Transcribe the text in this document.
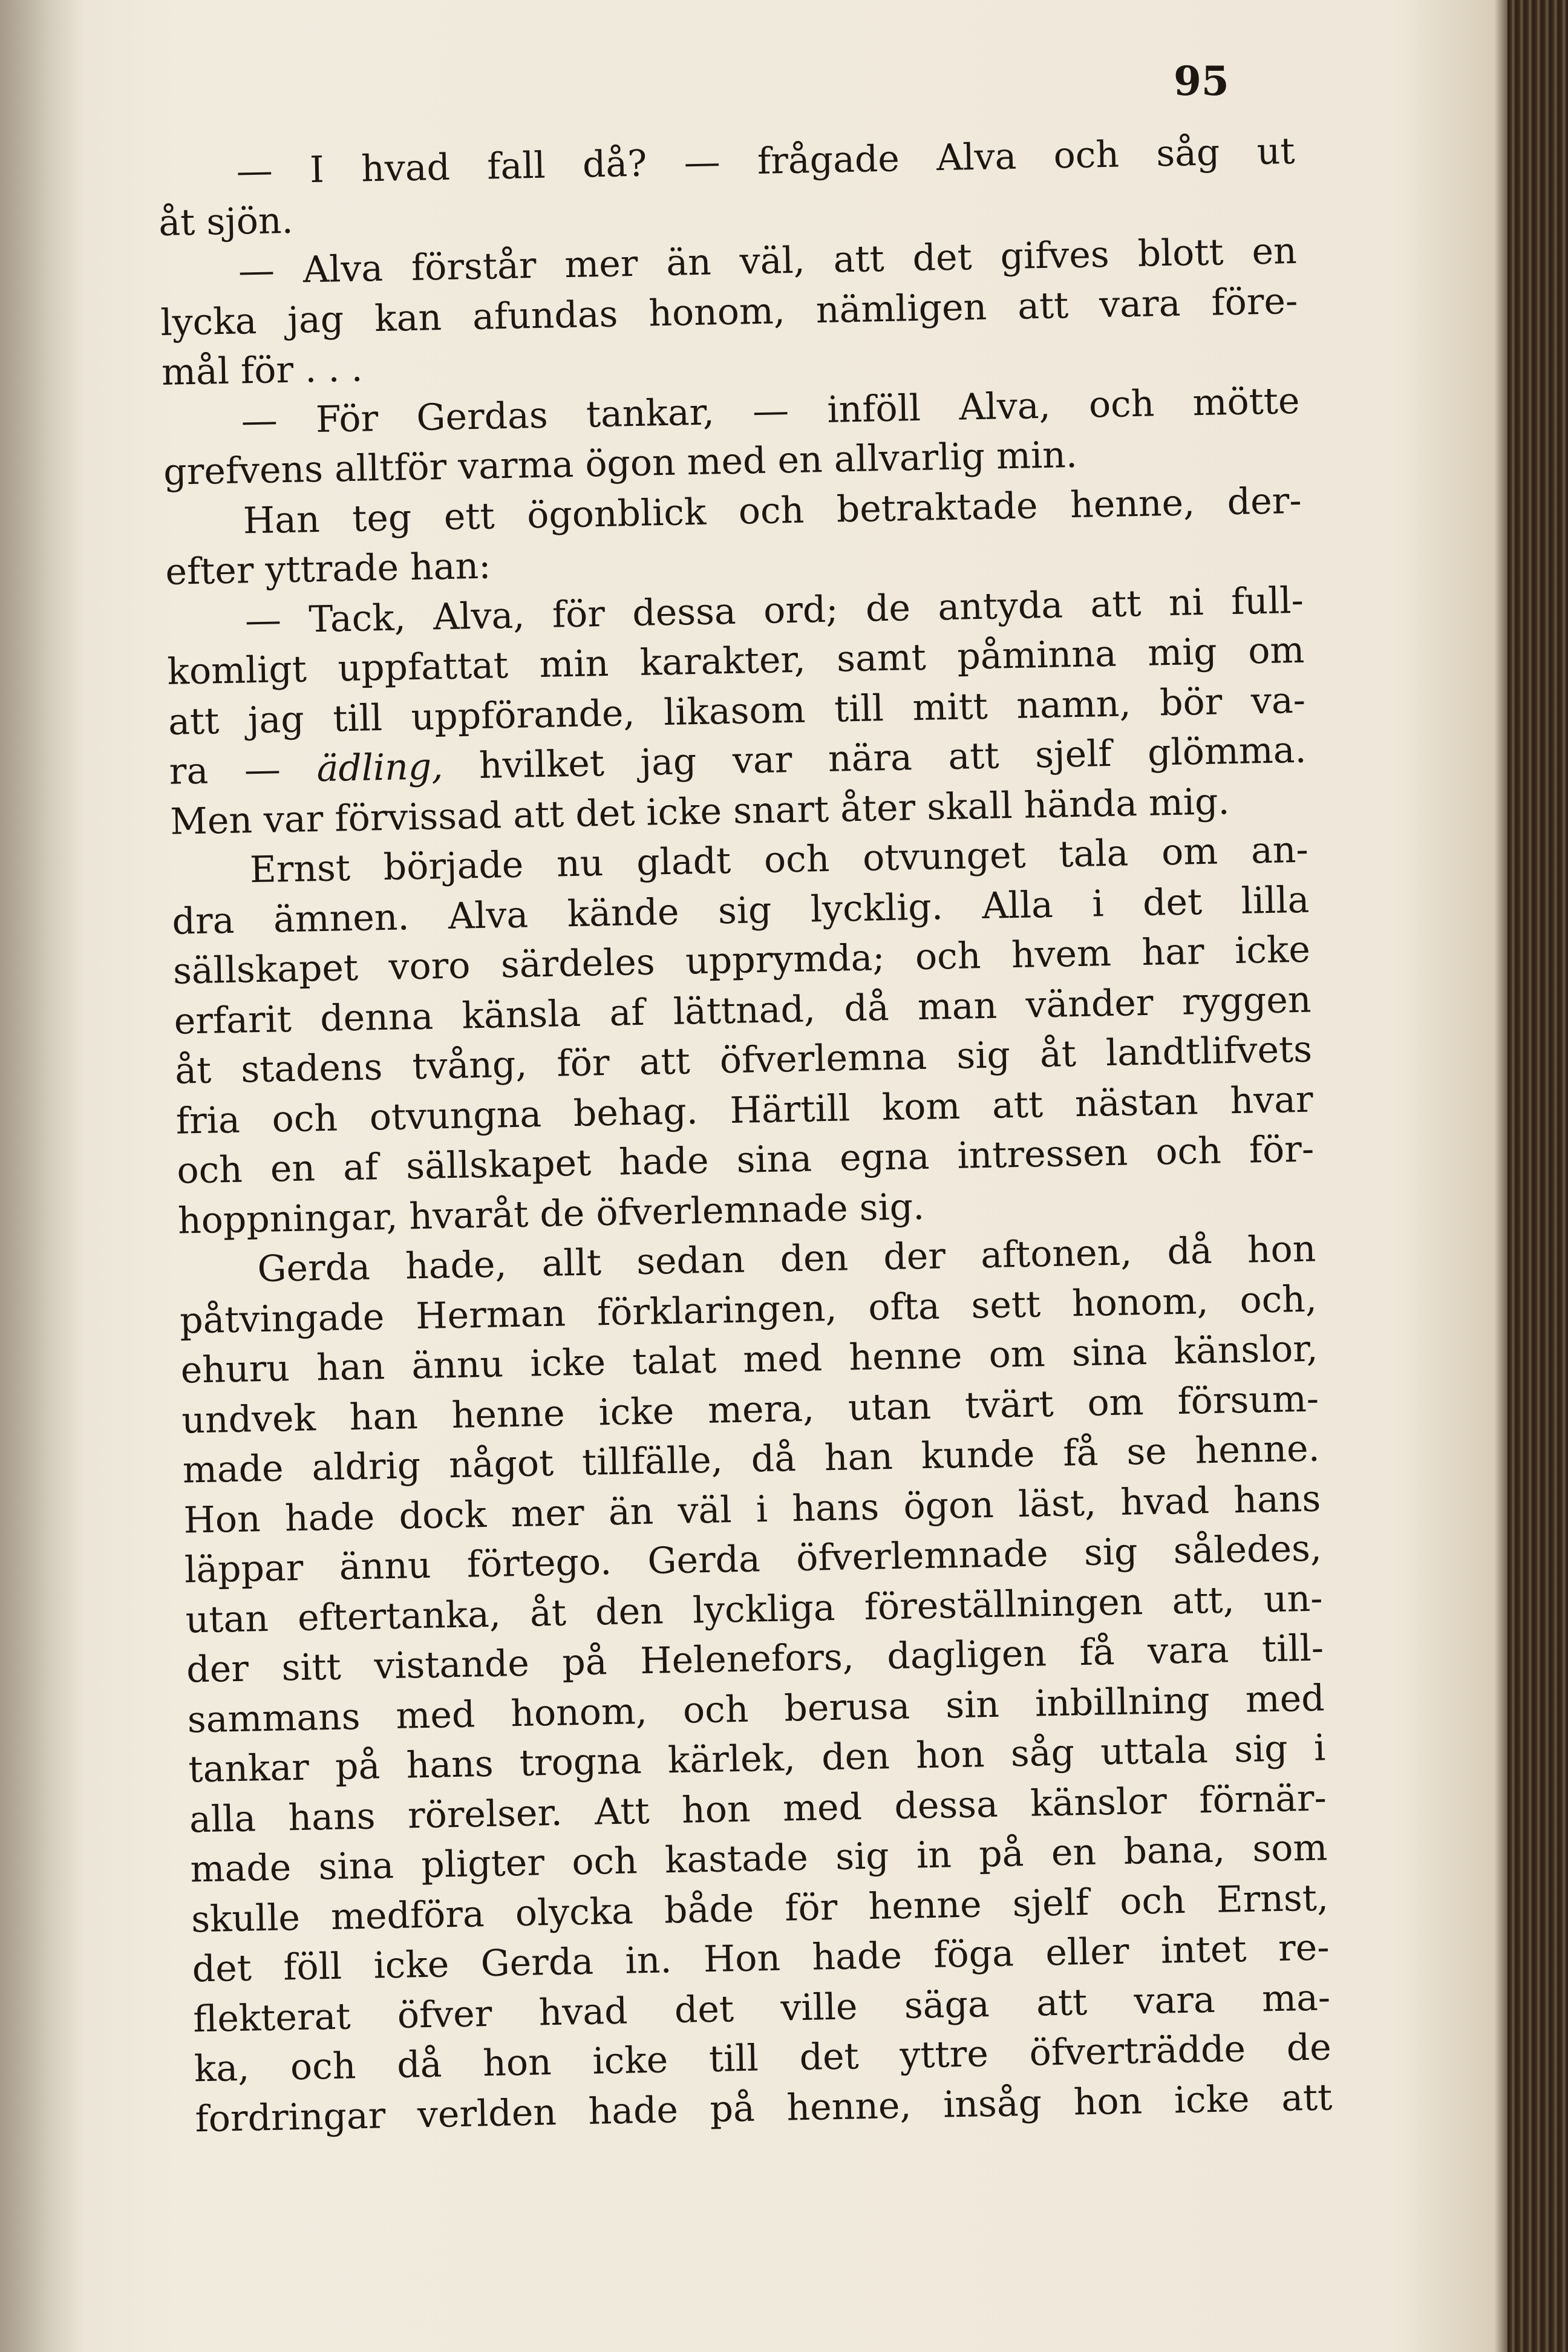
95
— I hvad fall då? — frågade Alva och såg ut
åt sjön.
— Alva förstår mer än väl, att det gifves blott en
lycka jag kan afundas honom, nämligen att vara före-
mål för . . .
— För Gerdas tankar, — inföll Alva, och mötte
grefvens alltför varma ögon med en allvarlig min.
Han teg ett ögonblick och betraktade henne, der-
efter yttrade han:
— Tack, Alva, för dessa ord; de antyda att ni full-
komligt uppfattat min karakter, samt påminna mig om
att jag till uppförande, likasom till mitt namn, bör va-
ra — ädling, hvilket jag var nära att sjelf glömma.
Men var förvissad att det icke snart åter skall hända mig.
Ernst började nu gladt och otvunget tala om an-
dra ämnen. Alva kände sig lycklig. Alla i det lilla
sällskapet voro särdeles upprymda; och hvem har icke
erfarit denna känsla af lättnad, då man vänder ryggen
åt stadens tvång, för att öfverlemna sig åt landtlifvets
fria och otvungna behag. Härtill kom att nästan hvar
och en af sällskapet hade sina egna intressen och för-
hoppningar, hvaråt de öfverlemnade sig.
Gerda hade, allt sedan den der aftonen, då hon
påtvingade Herman förklaringen, ofta sett honom, och,
ehuru han ännu icke talat med henne om sina känslor,
undvek han henne icke mera, utan tvärt om försum-
made aldrig något tillfälle, då han kunde få se henne.
Hon hade dock mer än väl i hans ögon läst, hvad hans
läppar ännu förtego. Gerda öfverlemnade sig således,
utan eftertanka, åt den lyckliga föreställningen att, un-
der sitt vistande på Helenefors, dagligen få vara till-
sammans med honom, och berusa sin inbillning med
tankar på hans trogna kärlek, den hon såg uttala sig i
alla hans rörelser. Att hon med dessa känslor förnär-
made sina pligter och kastade sig in på en bana, som
skulle medföra olycka både för henne sjelf och Ernst,
det föll icke Gerda in. Hon hade föga eller intet re-
flekterat öfver hvad det ville säga att vara ma-
ka, och då hon icke till det yttre öfverträdde de
fordringar verlden hade på henne, insåg hon icke att
